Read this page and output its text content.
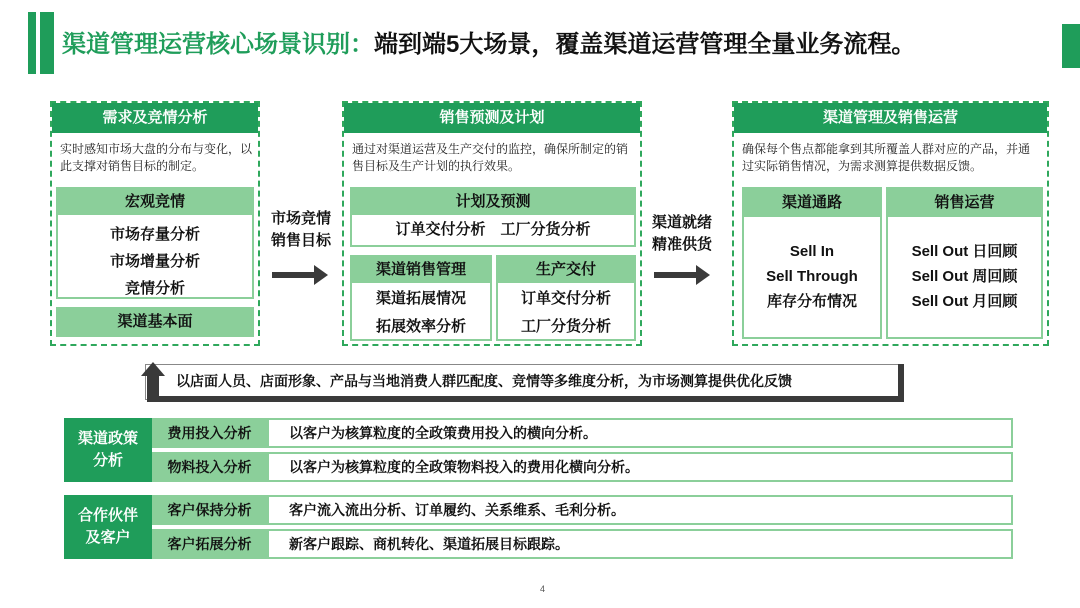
渠道管理运营核心场景识别：端到端5大场景，覆盖渠道运营管理全量业务流程。
需求及竞情分析
实时感知市场大盘的分布与变化，以此支撑对销售目标的制定。
宏观竞情
市场存量分析
市场增量分析
竞情分析
渠道基本面
市场竞情
销售目标
销售预测及计划
通过对渠道运营及生产交付的监控，确保所制定的销售目标及生产计划的执行效果。
计划及预测
订单交付分析　工厂分货分析
渠道销售管理
渠道拓展情况
拓展效率分析
生产交付
订单交付分析
工厂分货分析
渠道就绪
精准供货
渠道管理及销售运营
确保每个售点都能拿到其所覆盖人群对应的产品，并通过实际销售情况，为需求测算提供数据反馈。
渠道通路
Sell In
Sell Through
库存分布情况
销售运营
Sell Out 日回顾
Sell Out 周回顾
Sell Out 月回顾
以店面人员、店面形象、产品与当地消费人群匹配度、竞情等多维度分析，为市场测算提供优化反馈
渠道政策
分析
费用投入分析	以客户为核算粒度的全政策费用投入的横向分析。
物料投入分析	以客户为核算粒度的全政策物料投入的费用化横向分析。
合作伙伴
及客户
客户保持分析	客户流入流出分析、订单履约、关系维系、毛利分析。
客户拓展分析	新客户跟踪、商机转化、渠道拓展目标跟踪。
4
